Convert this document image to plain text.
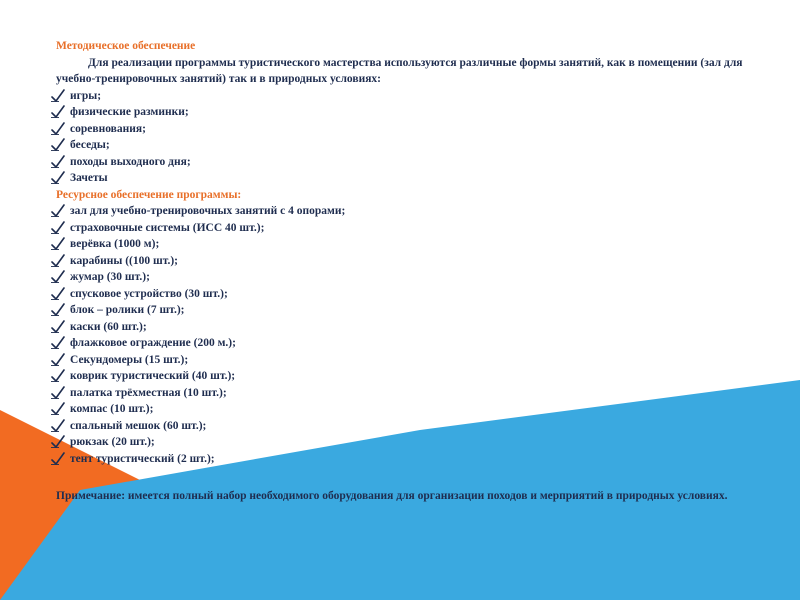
Методическое обеспечение
Для реализации программы туристического мастерства используются различные формы занятий, как в помещении (зал для учебно-тренировочных занятий) так и в природных условиях:
игры;
физические разминки;
соревнования;
беседы;
походы выходного дня;
Зачеты
Ресурсное обеспечение программы:
зал для учебно-тренировочных занятий с 4 опорами;
страховочные системы (ИСС 40 шт.);
верёвка (1000 м);
карабины ((100 шт.);
жумар (30 шт.);
спусковое устройство (30 шт.);
блок – ролики (7 шт.);
каски (60 шт.);
флажковое ограждение (200 м.);
Секундомеры (15 шт.);
коврик туристический (40 шт.);
палатка трёхместная (10 шт.);
компас (10 шт.);
спальный мешок (60 шт.);
рюкзак (20 шт.);
тент туристический (2 шт.);
Примечание: имеется полный набор необходимого оборудования для организации походов и мерприятий в природных условиях.
